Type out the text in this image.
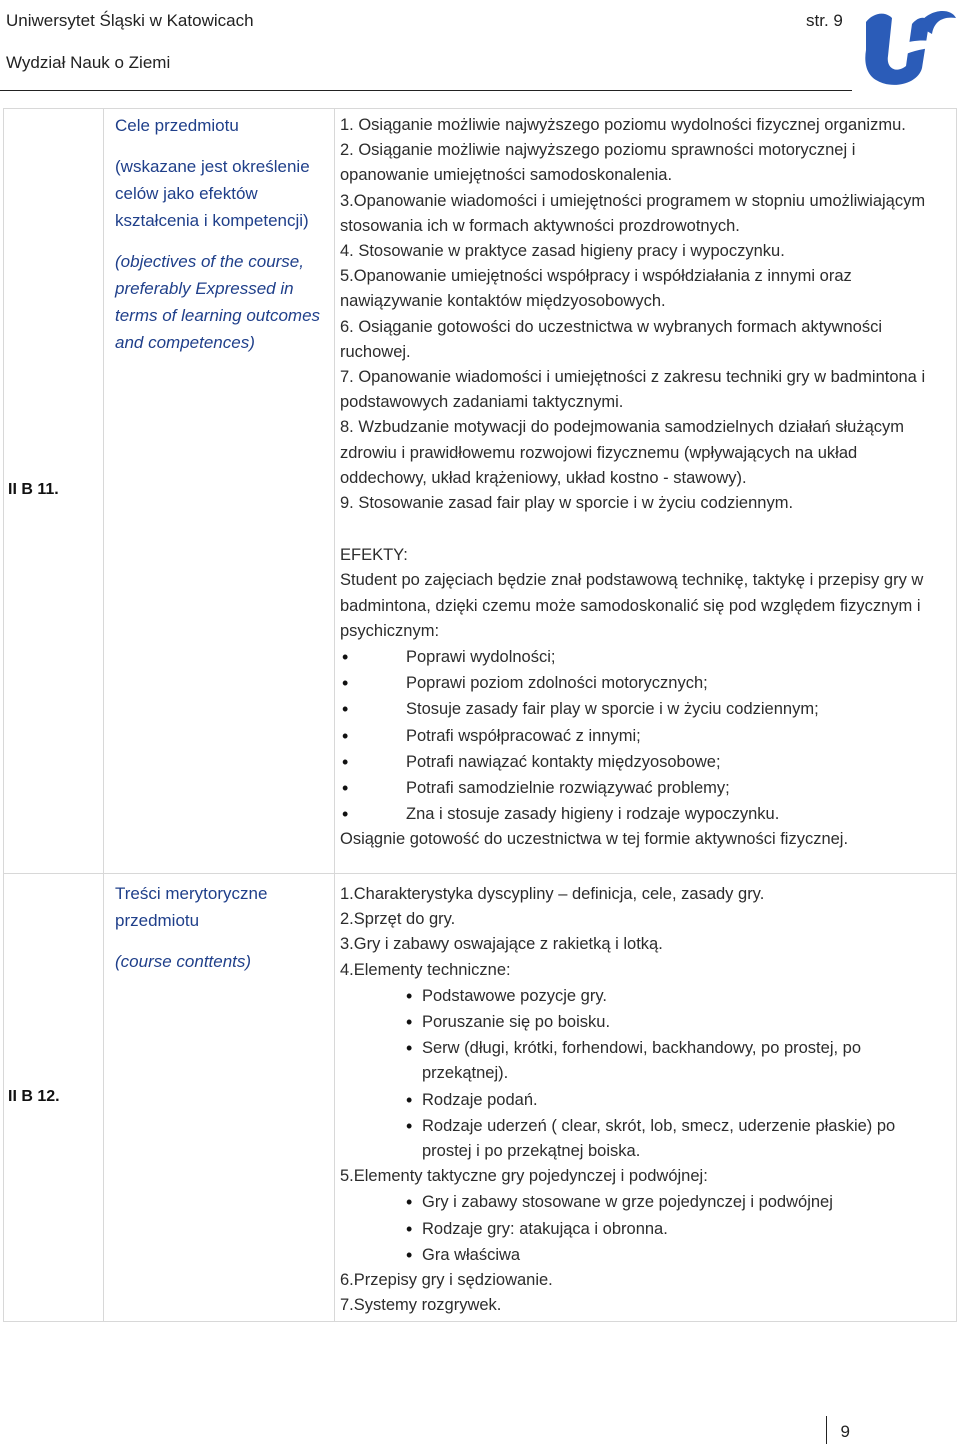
Uniwersytet Śląski w Katowicach	str. 9
Wydział Nauk o Ziemi
II B 11.
Cele przedmiotu
(wskazane jest określenie celów jako efektów kształcenia i kompetencji)
(objectives of the course, preferably Expressed in terms of learning outcomes and competences)
1. Osiąganie możliwie najwyższego poziomu wydolności fizycznej organizmu.
2. Osiąganie możliwie najwyższego poziomu sprawności motorycznej i opanowanie umiejętności samodoskonalenia.
3.Opanowanie wiadomości i umiejętności programem w stopniu umożliwiającym stosowania ich w formach aktywności prozdrowotnych.
4. Stosowanie w praktyce zasad higieny pracy i wypoczynku.
5.Opanowanie umiejętności współpracy i współdziałania z innymi oraz nawiązywanie kontaktów międzyosobowych.
6. Osiąganie gotowości do uczestnictwa w wybranych formach aktywności ruchowej.
7. Opanowanie wiadomości i umiejętności z zakresu techniki gry w badmintona i podstawowych zadaniami taktycznymi.
8. Wzbudzanie motywacji do podejmowania samodzielnych działań służącym zdrowiu i prawidłowemu rozwojowi fizycznemu (wpływających na układ oddechowy, układ krążeniowy, układ kostno - stawowy).
9. Stosowanie zasad fair play w sporcie i w życiu codziennym.

EFEKTY:

Student po zajęciach będzie znał podstawową technikę, taktykę i przepisy gry w badmintona, dzięki czemu może samodoskonalić się pod względem fizycznym i psychicznym:

• Poprawi wydolności;
• Poprawi poziom zdolności motorycznych;
• Stosuje zasady fair play w sporcie i w życiu codziennym;
• Potrafi współpracować z innymi;
• Potrafi nawiązać kontakty międzyosobowe;
• Potrafi samodzielnie rozwiązywać problemy;
• Zna i stosuje zasady higieny i rodzaje wypoczynku.

Osiągnie gotowość do uczestnictwa w tej formie aktywności fizycznej.

II B 12.
Treści merytoryczne przedmiotu
(course conttents)
1.Charakterystyka dyscypliny – definicja, cele, zasady gry.
2.Sprzęt do gry.
3.Gry i zabawy oswajające z rakietką i lotką.
4.Elementy techniczne:
• Podstawowe pozycje gry.
• Poruszanie się po boisku.
• Serw (długi, krótki, forhendowi, backhandowy, po prostej, po przekątnej).
• Rodzaje podań.
• Rodzaje uderzeń ( clear, skrót, lob, smecz, uderzenie płaskie) po prostej i po przekątnej boiska.
5.Elementy taktyczne gry pojedynczej i podwójnej:
• Gry i zabawy stosowane w grze pojedynczej i podwójnej
• Rodzaje gry: atakująca i obronna.
• Gra właściwa
6.Przepisy gry i sędziowanie.
7.Systemy rozgrywek.
9
